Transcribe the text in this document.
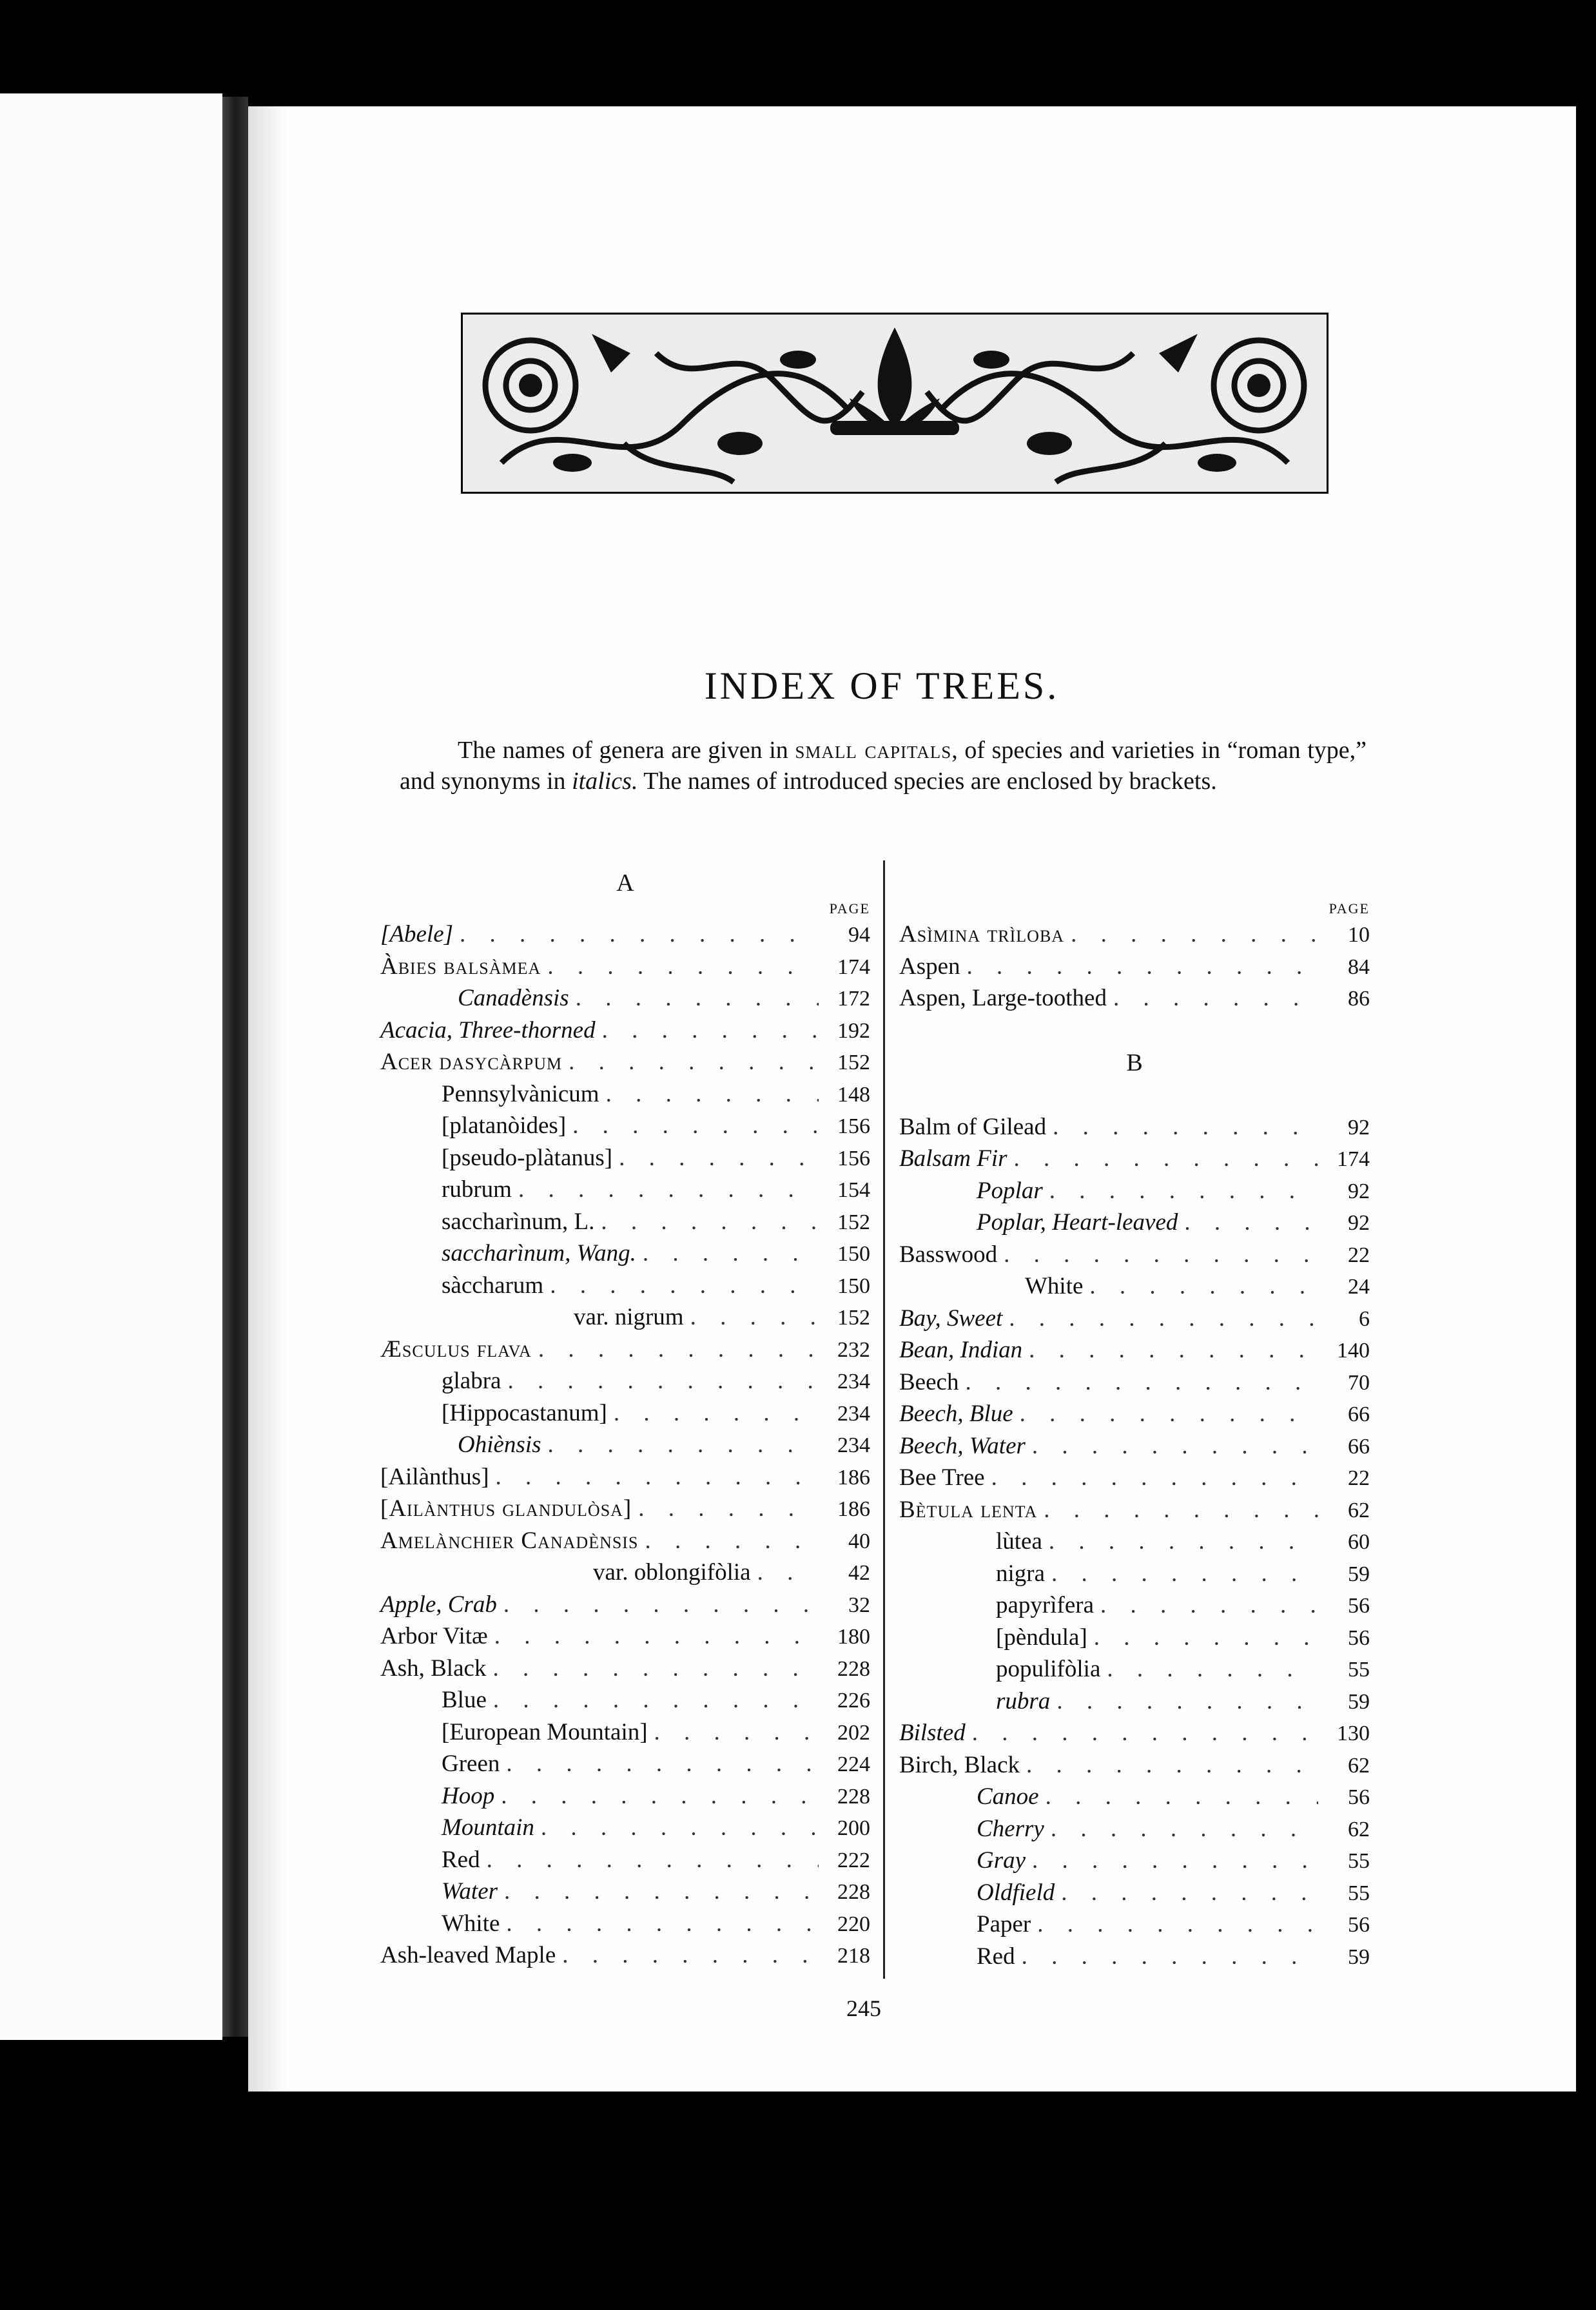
INDEX OF TREES.

The names of genera are given in small capitals, of species and varieties in “roman type,” and synonyms in italics. The names of introduced species are enclosed by brackets.

A
PAGE
[Abele] . . .	94
Àbies balsàmea . . .	174
Canadènsis . . .	172
Acacia, Three-thorned . . .	192
Acer dasycàrpum . . .	152
Pennsylvànicum . . .	148
[platanòides] . . .	156
[pseudo-plàtanus] . . .	156
rubrum . . .	154
saccharìnum, L. . . .	152
saccharìnum, Wang. . . .	150
sàccharum . . .	150
var. nigrum . . .	152
Æsculus flava . . .	232
glabra . . .	234
[Hippocastanum] . . .	234
Ohiènsis . . .	234
[Ailànthus] . . .	186
[Ailànthus glandulòsa] . . .	186
Amelànchier Canadènsis . . .	40
var. oblongifòlia . . .	42
Apple, Crab . . .	32
Arbor Vitæ . . .	180
Ash, Black . . .	228
Blue . . .	226
[European Mountain] . . .	202
Green . . .	224
Hoop . . .	228
Mountain . . .	200
Red . . .	222
Water . . .	228
White . . .	220
Ash-leaved Maple . . .	218
PAGE
Asìmina trìloba . . .	10
Aspen . . .	84
Aspen, Large-toothed . . .	86
B
Balm of Gilead . . .	92
Balsam Fir . . .	174
Poplar . . .	92
Poplar, Heart-leaved . . .	92
Basswood . . .	22
White . . .	24
Bay, Sweet . . .	6
Bean, Indian . . .	140
Beech . . .	70
Beech, Blue . . .	66
Beech, Water . . .	66
Bee Tree . . .	22
Bètula lenta . . .	62
lùtea . . .	60
nigra . . .	59
papyrìfera . . .	56
[pèndula] . . .	56
populifòlia . . .	55
rubra . . .	59
Bilsted . . .	130
Birch, Black . . .	62
Canoe . . .	56
Cherry . . .	62
Gray . . .	55
Oldfield . . .	55
Paper . . .	56
Red . . .	59
245
